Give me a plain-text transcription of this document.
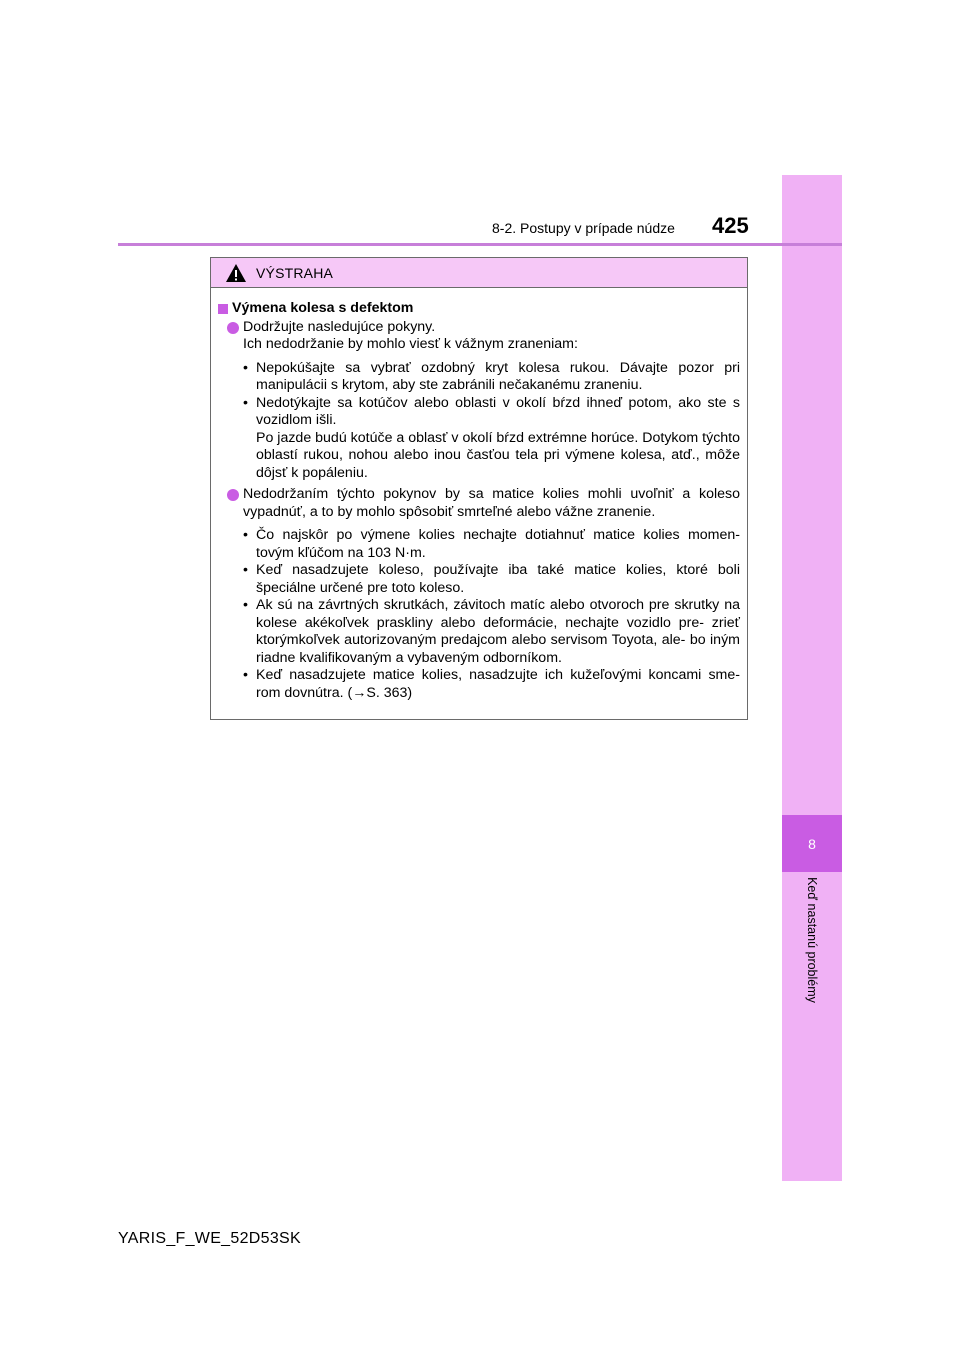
8
Keď nastanú problémy
8-2. Postupy v prípade núdze 425
VÝSTRAHA
Výmena kolesa s defektom

Dodržujte nasledujúce pokyny.

Ich nedodržanie by mohlo viesť k vážnym zraneniam:

• Nepokúšajte sa vybrať ozdobný kryt kolesa rukou. Dávajte pozor pri manipulácii s krytom, aby ste zabránili nečakanému zraneniu.

• Nedotýkajte sa kotúčov alebo oblasti v okolí bŕzd ihneď potom, ako ste s vozidlom išli.

Po jazde budú kotúče a oblasť v okolí bŕzd extrémne horúce. Dotykom týchto oblastí rukou, nohou alebo inou časťou tela pri výmene kolesa, atď., môže dôjsť k popáleniu.

Nedodržaním týchto pokynov by sa matice kolies mohli uvoľniť a koleso vypadnúť, a to by mohlo spôsobiť smrteľné alebo vážne zranenie.

• Čo najskôr po výmene kolies nechajte dotiahnuť matice kolies momen- tovým kľúčom na 103 N·m.

• Keď nasadzujete koleso, používajte iba také matice kolies, ktoré boli špeciálne určené pre toto koleso.

• Ak sú na závrtných skrutkách, závitoch matíc alebo otvoroch pre skrutky na kolese akékoľvek praskliny alebo deformácie, nechajte vozidlo pre- zrieť ktorýmkoľvek autorizovaným predajcom alebo servisom Toyota, ale- bo iným riadne kvalifikovaným a vybaveným odborníkom.

• Keď nasadzujete matice kolies, nasadzujte ich kužeľovými koncami sme- rom dovnútra. (→S. 363)

YARIS_F_WE_52D53SK
